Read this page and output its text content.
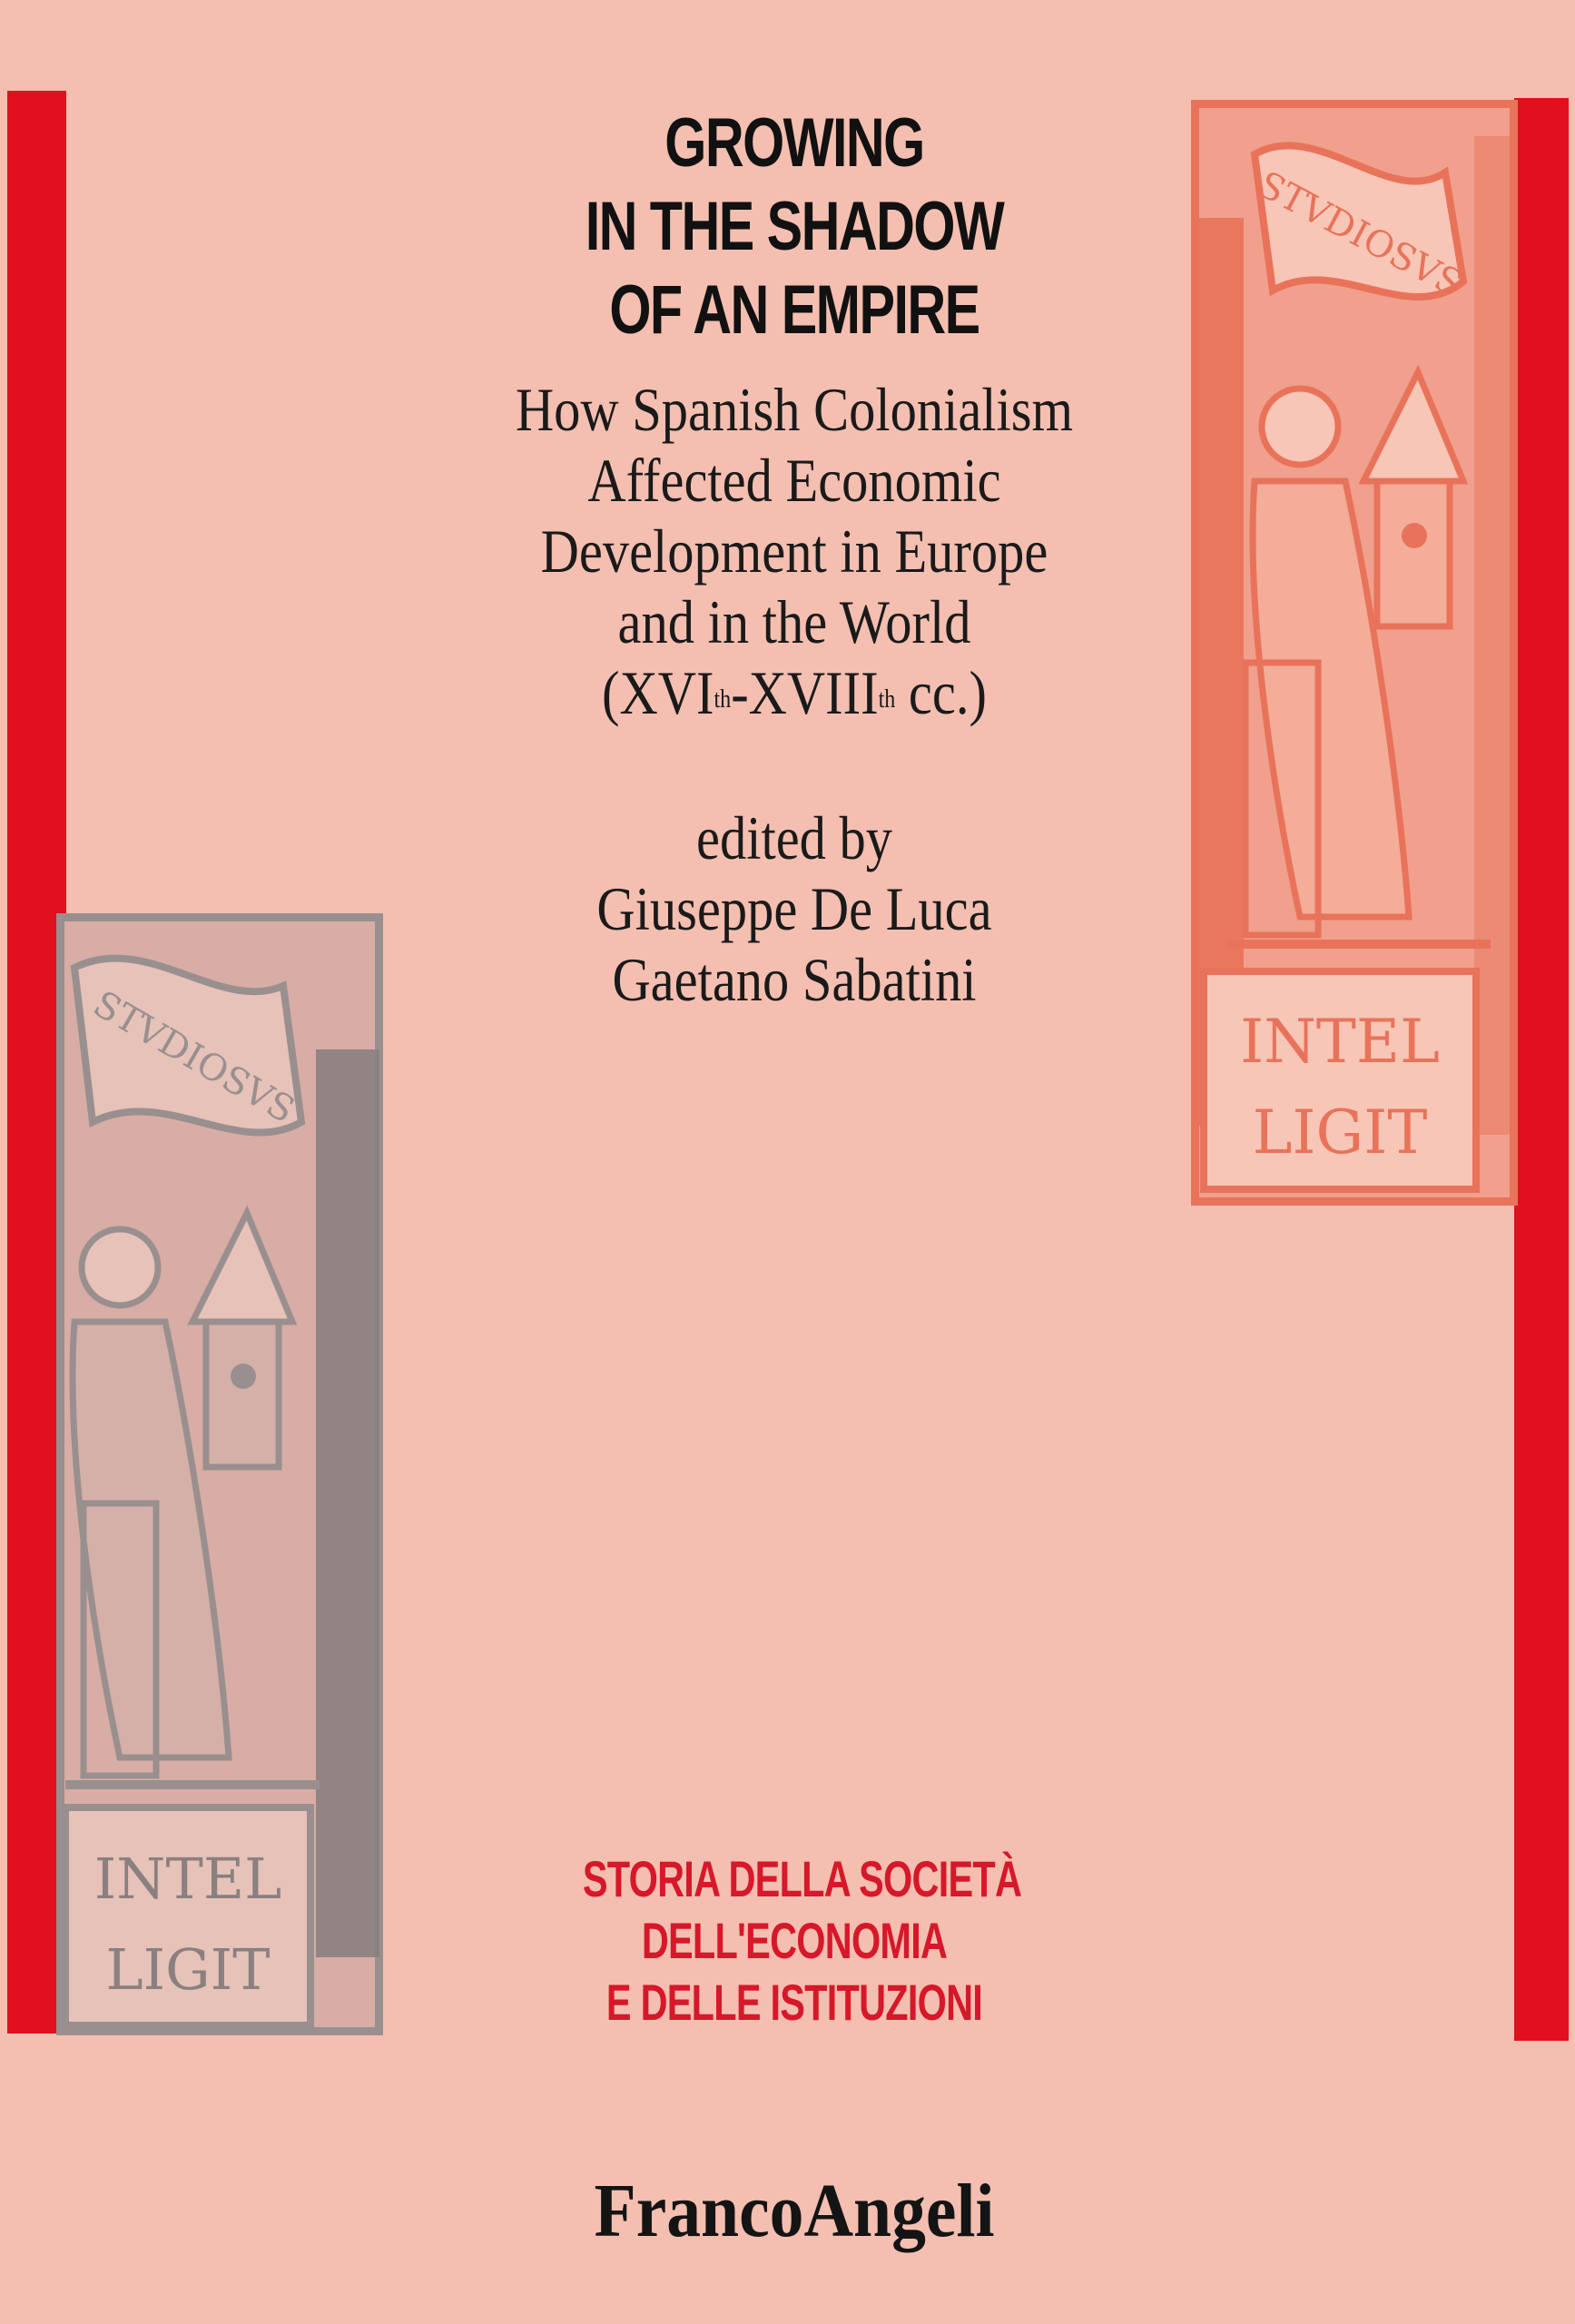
STVDIOSVS
INTEL
LIGIT
STVDIOSVS
INTEL
LIGIT
GROWING
IN THE SHADOW
OF AN EMPIRE
How Spanish Colonialism
Affected Economic
Development in Europe
and in the World
(XVIth-XVIIIth cc.)
edited by
Giuseppe De Luca
Gaetano Sabatini
STORIA DELLA SOCIETÀ
DELL'ECONOMIA
E DELLE ISTITUZIONI
FrancoAngeli
